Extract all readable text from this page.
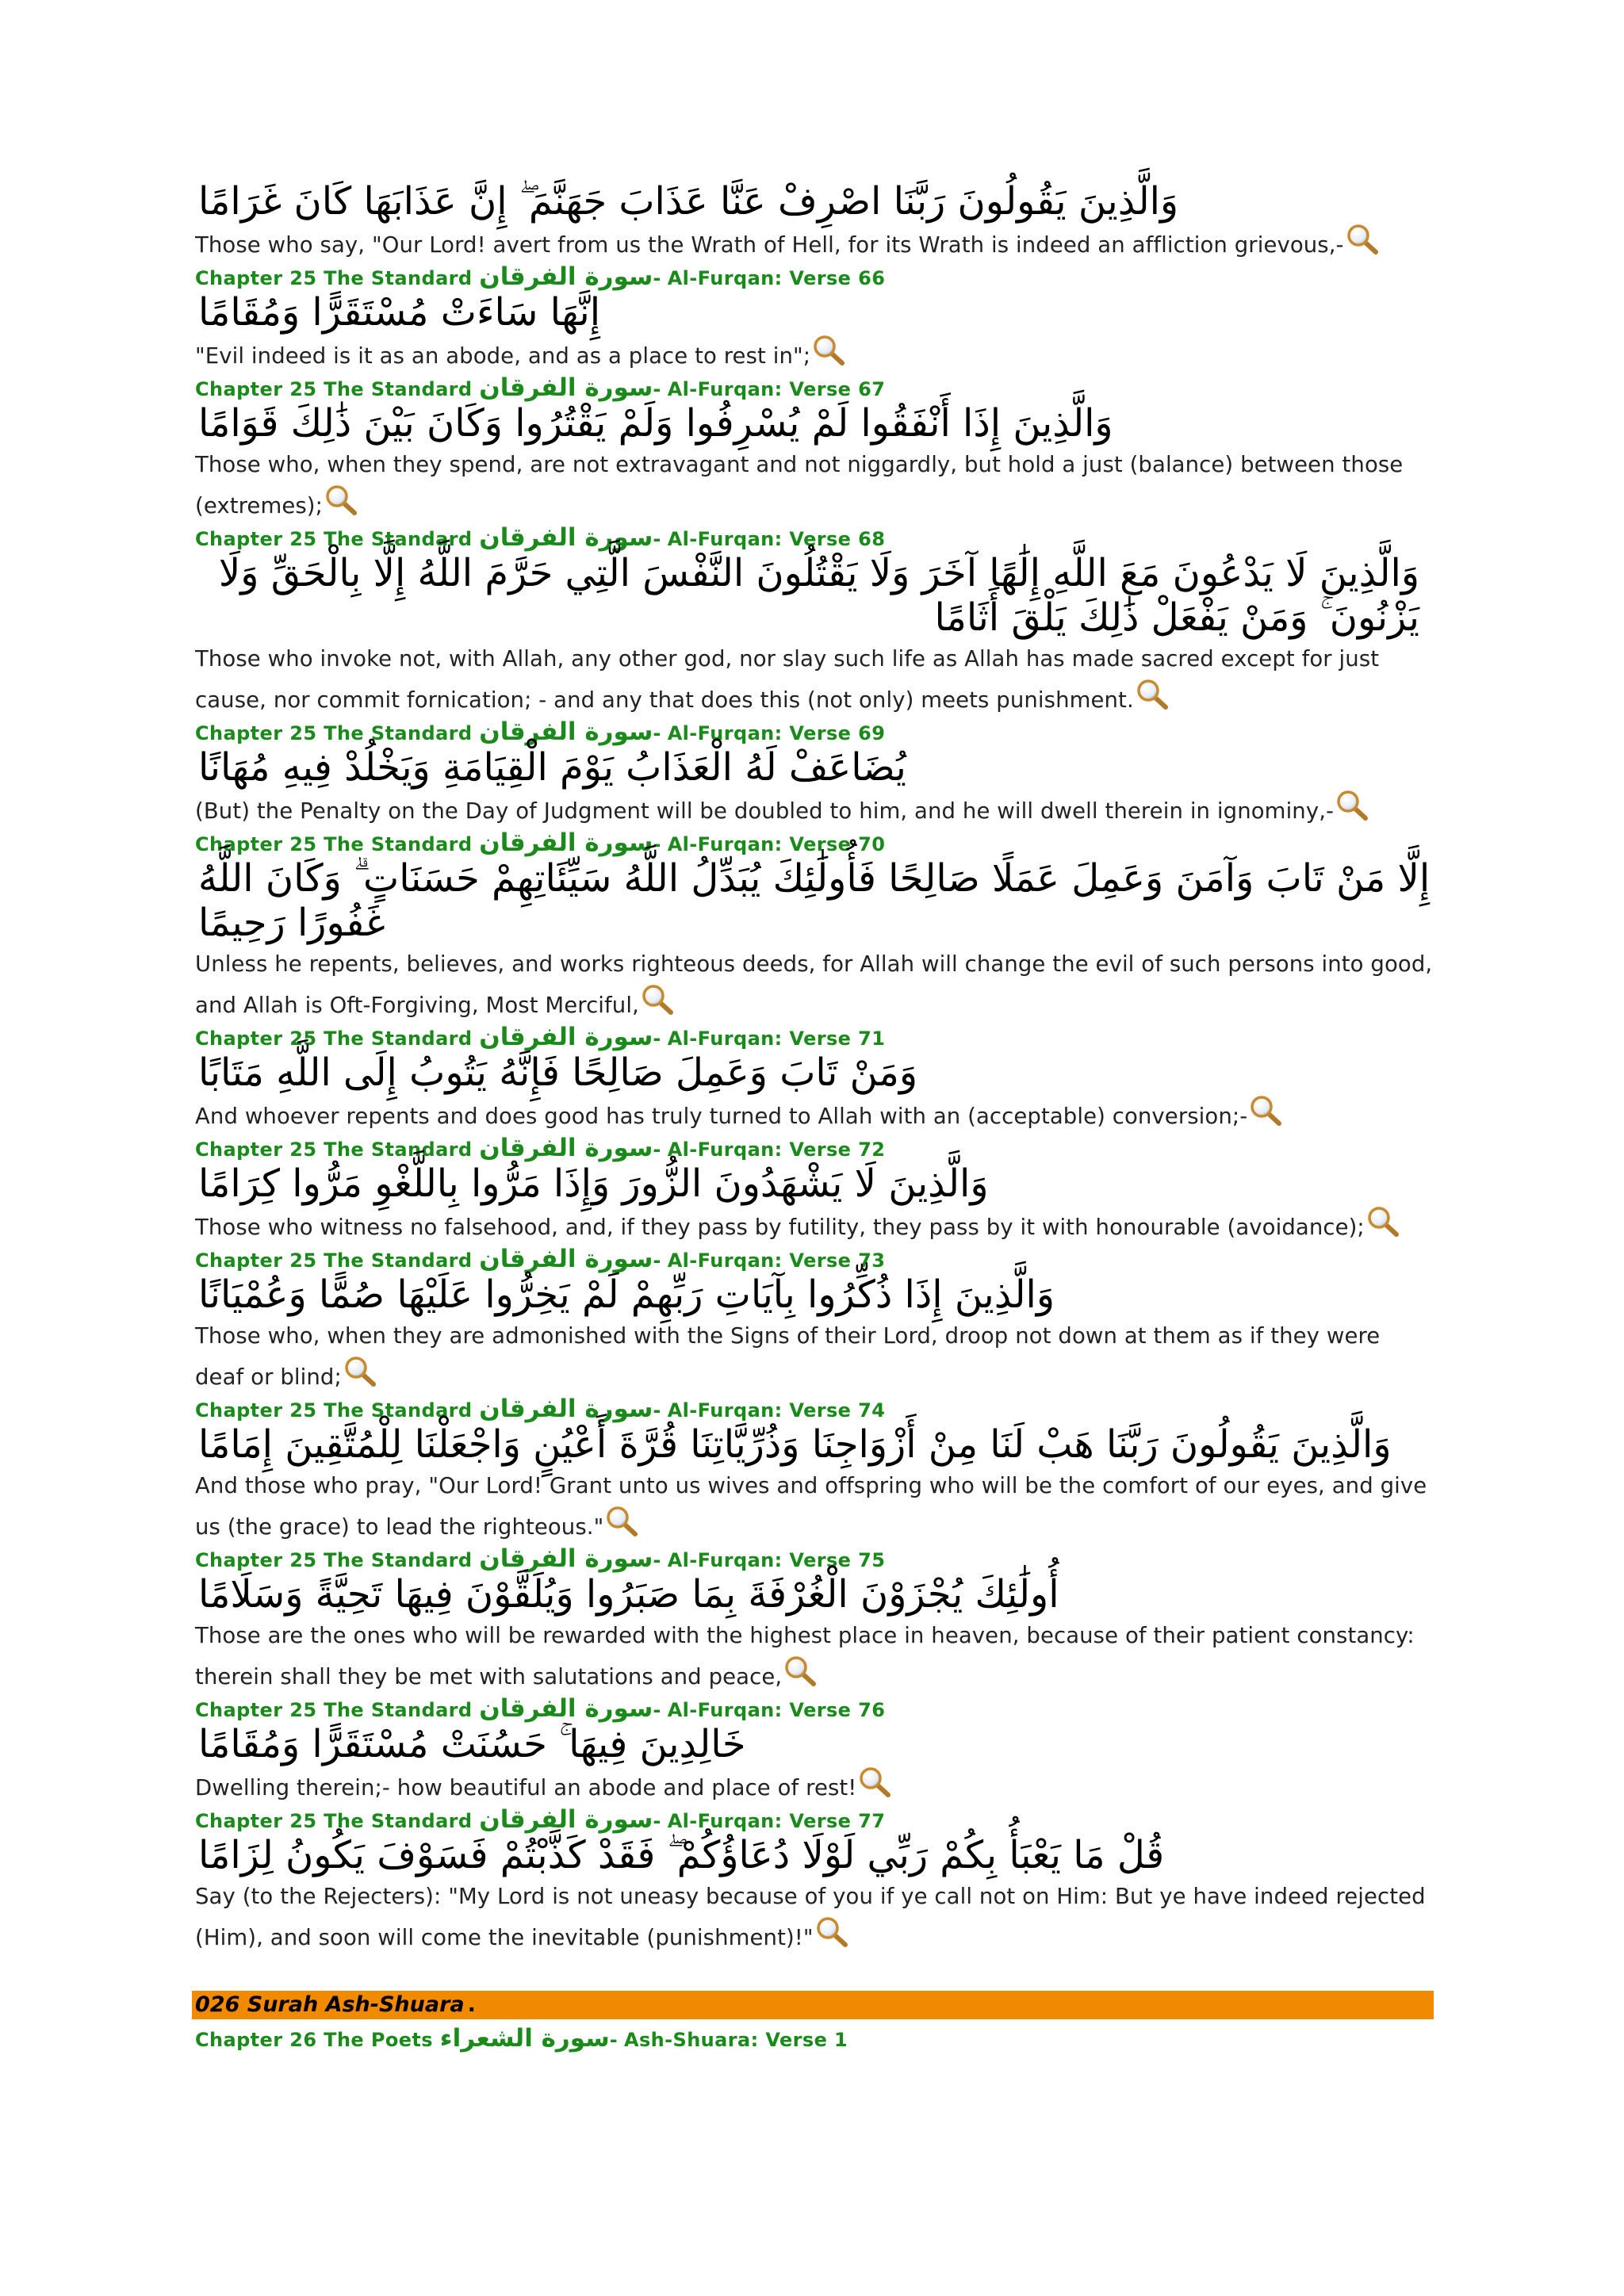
وَالَّذِينَ يَقُولُونَ رَبَّنَا اصْرِفْ عَنَّا عَذَابَ جَهَنَّمَ ۖ إِنَّ عَذَابَهَا كَانَ غَرَامًا
Those who say, "Our Lord! avert from us the Wrath of Hell, for its Wrath is indeed an affliction grievous,-
Chapter 25 The Standard سورة الفرقان- Al-Furqan: Verse 66
إِنَّهَا سَاءَتْ مُسْتَقَرًّا وَمُقَامًا
"Evil indeed is it as an abode, and as a place to rest in";
Chapter 25 The Standard سورة الفرقان- Al-Furqan: Verse 67
وَالَّذِينَ إِذَا أَنْفَقُوا لَمْ يُسْرِفُوا وَلَمْ يَقْتُرُوا وَكَانَ بَيْنَ ذَٰلِكَ قَوَامًا
Those who, when they spend, are not extravagant and not niggardly, but hold a just (balance) between those (extremes);
Chapter 25 The Standard سورة الفرقان- Al-Furqan: Verse 68
وَالَّذِينَ لَا يَدْعُونَ مَعَ اللَّهِ إِلَٰهًا آخَرَ وَلَا يَقْتُلُونَ النَّفْسَ الَّتِي حَرَّمَ اللَّهُ إِلَّا بِالْحَقِّ وَلَا يَزْنُونَ ۚ وَمَنْ يَفْعَلْ ذَٰلِكَ يَلْقَ أَثَامًا
Those who invoke not, with Allah, any other god, nor slay such life as Allah has made sacred except for just cause, nor commit fornication; - and any that does this (not only) meets punishment.
Chapter 25 The Standard سورة الفرقان- Al-Furqan: Verse 69
يُضَاعَفْ لَهُ الْعَذَابُ يَوْمَ الْقِيَامَةِ وَيَخْلُدْ فِيهِ مُهَانًا
(But) the Penalty on the Day of Judgment will be doubled to him, and he will dwell therein in ignominy,-
Chapter 25 The Standard سورة الفرقان- Al-Furqan: Verse 70
إِلَّا مَنْ تَابَ وَآمَنَ وَعَمِلَ عَمَلًا صَالِحًا فَأُولَٰئِكَ يُبَدِّلُ اللَّهُ سَيِّئَاتِهِمْ حَسَنَاتٍ ۗ وَكَانَ اللَّهُ غَفُورًا رَحِيمًا
Unless he repents, believes, and works righteous deeds, for Allah will change the evil of such persons into good, and Allah is Oft-Forgiving, Most Merciful,
Chapter 25 The Standard سورة الفرقان- Al-Furqan: Verse 71
وَمَنْ تَابَ وَعَمِلَ صَالِحًا فَإِنَّهُ يَتُوبُ إِلَى اللَّهِ مَتَابًا
And whoever repents and does good has truly turned to Allah with an (acceptable) conversion;-
Chapter 25 The Standard سورة الفرقان- Al-Furqan: Verse 72
وَالَّذِينَ لَا يَشْهَدُونَ الزُّورَ وَإِذَا مَرُّوا بِاللَّغْوِ مَرُّوا كِرَامًا
Those who witness no falsehood, and, if they pass by futility, they pass by it with honourable (avoidance);
Chapter 25 The Standard سورة الفرقان- Al-Furqan: Verse 73
وَالَّذِينَ إِذَا ذُكِّرُوا بِآيَاتِ رَبِّهِمْ لَمْ يَخِرُّوا عَلَيْهَا صُمًّا وَعُمْيَانًا
Those who, when they are admonished with the Signs of their Lord, droop not down at them as if they were deaf or blind;
Chapter 25 The Standard سورة الفرقان- Al-Furqan: Verse 74
وَالَّذِينَ يَقُولُونَ رَبَّنَا هَبْ لَنَا مِنْ أَزْوَاجِنَا وَذُرِّيَّاتِنَا قُرَّةَ أَعْيُنٍ وَاجْعَلْنَا لِلْمُتَّقِينَ إِمَامًا
And those who pray, "Our Lord! Grant unto us wives and offspring who will be the comfort of our eyes, and give us (the grace) to lead the righteous."
Chapter 25 The Standard سورة الفرقان- Al-Furqan: Verse 75
أُولَٰئِكَ يُجْزَوْنَ الْغُرْفَةَ بِمَا صَبَرُوا وَيُلَقَّوْنَ فِيهَا تَحِيَّةً وَسَلَامًا
Those are the ones who will be rewarded with the highest place in heaven, because of their patient constancy: therein shall they be met with salutations and peace,
Chapter 25 The Standard سورة الفرقان- Al-Furqan: Verse 76
خَالِدِينَ فِيهَا ۚ حَسُنَتْ مُسْتَقَرًّا وَمُقَامًا
Dwelling therein;- how beautiful an abode and place of rest!
Chapter 25 The Standard سورة الفرقان- Al-Furqan: Verse 77
قُلْ مَا يَعْبَأُ بِكُمْ رَبِّي لَوْلَا دُعَاؤُكُمْ ۖ فَقَدْ كَذَّبْتُمْ فَسَوْفَ يَكُونُ لِزَامًا
Say (to the Rejecters): "My Lord is not uneasy because of you if ye call not on Him: But ye have indeed rejected (Him), and soon will come the inevitable (punishment)!"
026 Surah Ash-Shuara .
Chapter 26 The Poets سورة الشعراء- Ash-Shuara: Verse 1
